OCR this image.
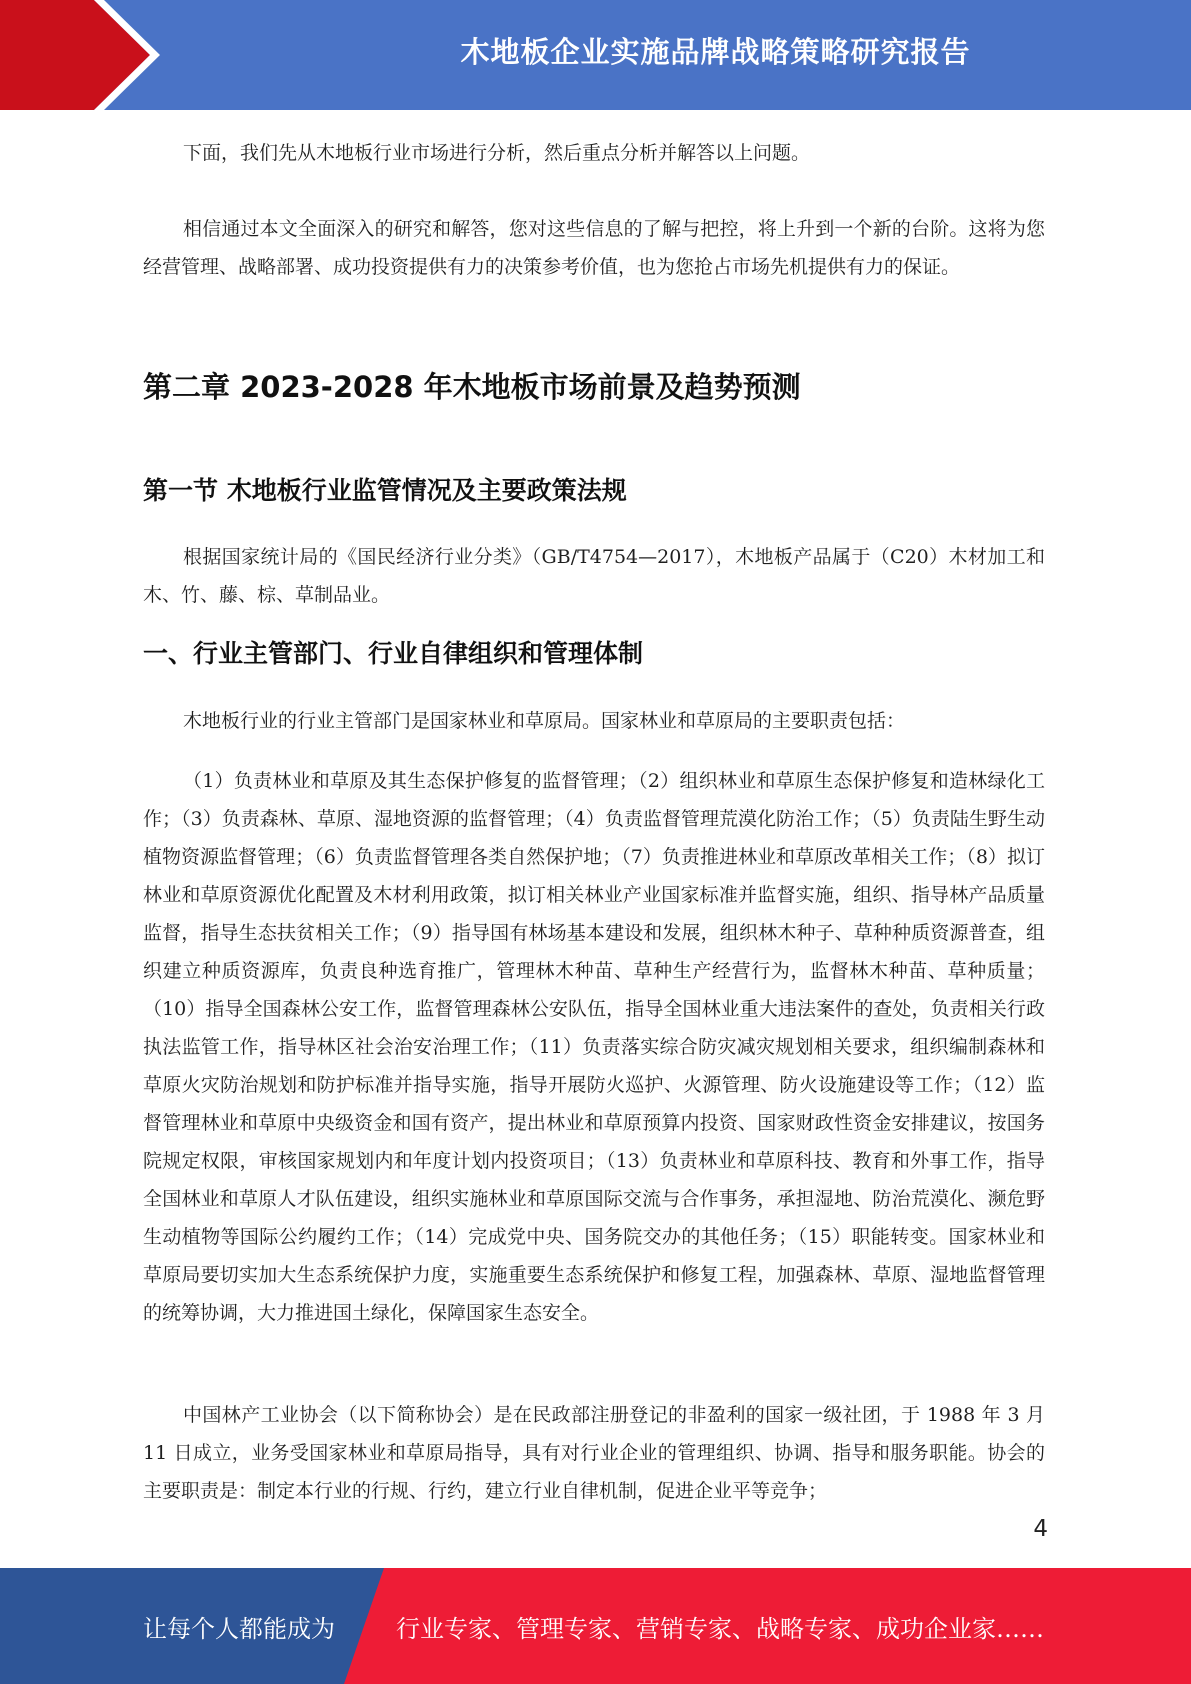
木地板企业实施品牌战略策略研究报告

下面，我们先从木地板行业市场进行分析，然后重点分析并解答以上问题。

相信通过本文全面深入的研究和解答，您对这些信息的了解与把控，将上升到一个新的台阶。这将为您经营管理、战略部署、成功投资提供有力的决策参考价值，也为您抢占市场先机提供有力的保证。

第二章 2023-2028 年木地板市场前景及趋势预测
第一节 木地板行业监管情况及主要政策法规

根据国家统计局的《国民经济行业分类》（GB/T4754—2017），木地板产品属于（C20）木材加工和木、竹、藤、棕、草制品业。

一、行业主管部门、行业自律组织和管理体制

木地板行业的行业主管部门是国家林业和草原局。国家林业和草原局的主要职责包括：

（1）负责林业和草原及其生态保护修复的监督管理；（2）组织林业和草原生态保护修复和造林绿化工作；（3）负责森林、草原、湿地资源的监督管理；（4）负责监督管理荒漠化防治工作；（5）负责陆生野生动植物资源监督管理；（6）负责监督管理各类自然保护地；（7）负责推进林业和草原改革相关工作；（8）拟订林业和草原资源优化配置及木材利用政策，拟订相关林业产业国家标准并监督实施，组织、指导林产品质量监督，指导生态扶贫相关工作；（9）指导国有林场基本建设和发展，组织林木种子、草种种质资源普查，组织建立种质资源库，负责良种选育推广，管理林木种苗、草种生产经营行为，监督林木种苗、草种质量；（10）指导全国森林公安工作，监督管理森林公安队伍，指导全国林业重大违法案件的查处，负责相关行政执法监管工作，指导林区社会治安治理工作；（11）负责落实综合防灾减灾规划相关要求，组织编制森林和草原火灾防治规划和防护标准并指导实施，指导开展防火巡护、火源管理、防火设施建设等工作；（12）监督管理林业和草原中央级资金和国有资产，提出林业和草原预算内投资、国家财政性资金安排建议，按国务院规定权限，审核国家规划内和年度计划内投资项目；（13）负责林业和草原科技、教育和外事工作，指导全国林业和草原人才队伍建设，组织实施林业和草原国际交流与合作事务，承担湿地、防治荒漠化、濒危野生动植物等国际公约履约工作；（14）完成党中央、国务院交办的其他任务；（15）职能转变。国家林业和草原局要切实加大生态系统保护力度，实施重要生态系统保护和修复工程，加强森林、草原、湿地监督管理的统筹协调，大力推进国土绿化，保障国家生态安全。

中国林产工业协会（以下简称协会）是在民政部注册登记的非盈利的国家一级社团，于 1988 年 3 月 11 日成立，业务受国家林业和草原局指导，具有对行业企业的管理组织、协调、指导和服务职能。协会的主要职责是：制定本行业的行规、行约，建立行业自律机制，促进企业平等竞争；

4
让每个人都能成为	行业专家、管理专家、营销专家、战略专家、成功企业家……
